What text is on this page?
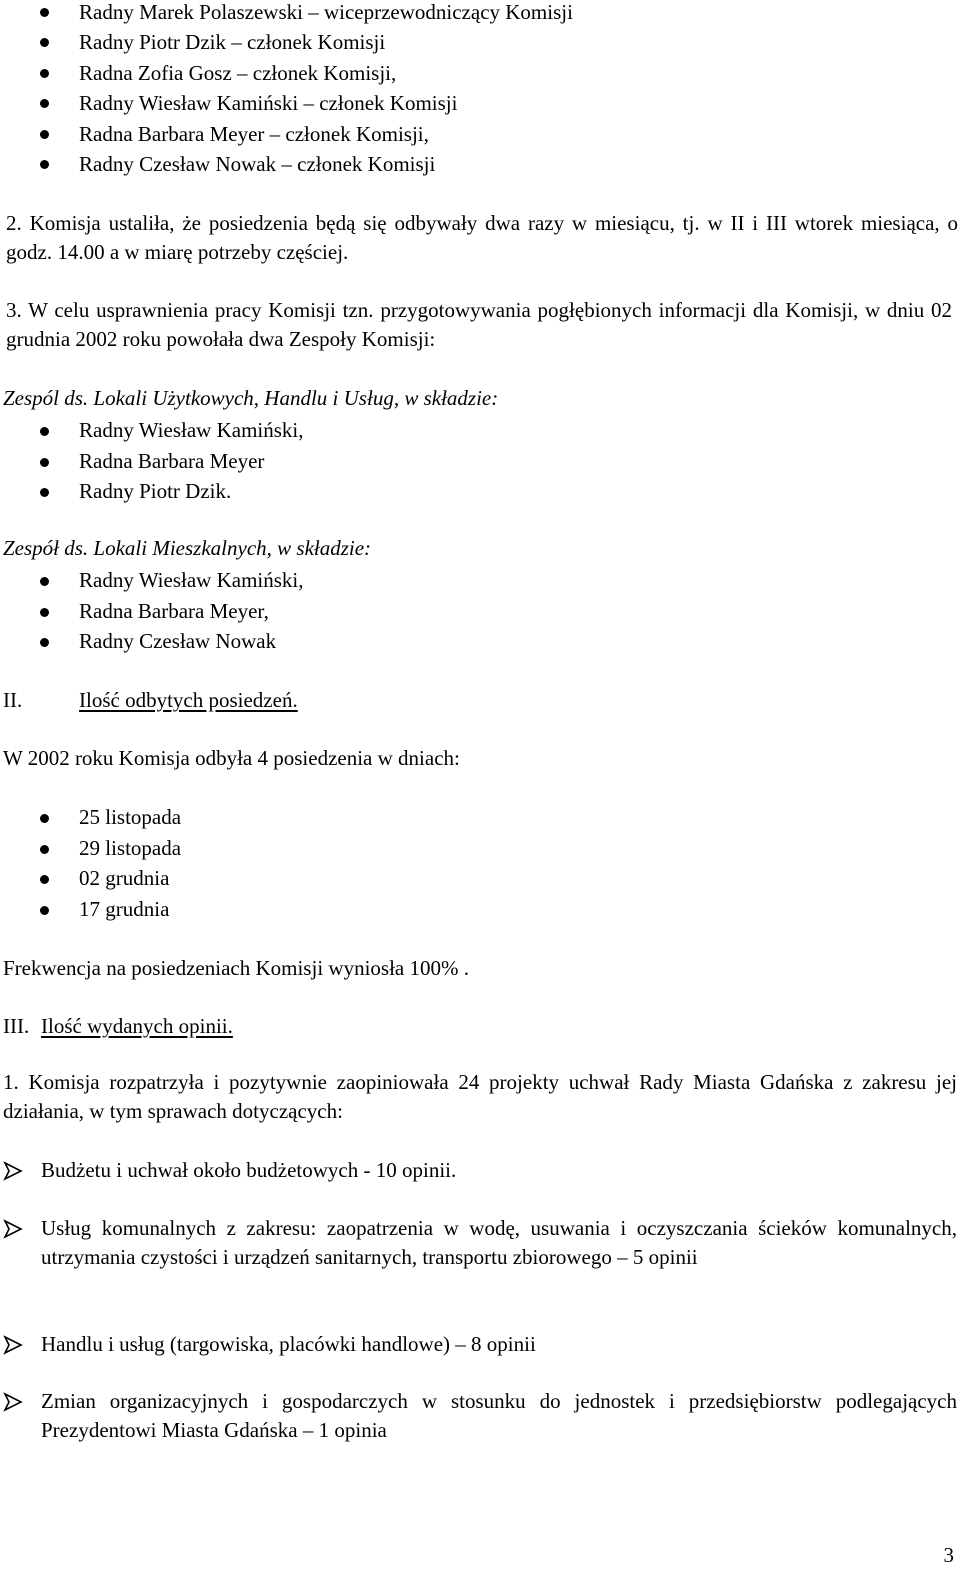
Radny Marek Polaszewski – wiceprzewodniczący Komisji
Radny Piotr Dzik – członek Komisji
Radna Zofia Gosz – członek Komisji,
Radny Wiesław Kamiński – członek Komisji
Radna Barbara Meyer – członek Komisji,
Radny Czesław Nowak – członek Komisji
2. Komisja ustaliła, że posiedzenia będą się odbywały dwa razy w miesiącu, tj. w II i III wtorek miesiąca, o godz. 14.00 a w miarę potrzeby częściej.
3. W celu usprawnienia pracy Komisji tzn. przygotowywania pogłębionych informacji dla Komisji, w dniu 02 grudnia 2002 roku powołała dwa Zespoły Komisji:
Zespól ds. Lokali Użytkowych, Handlu i Usług, w składzie:
Radny Wiesław Kamiński,
Radna Barbara Meyer
Radny Piotr Dzik.
Zespół ds. Lokali Mieszkalnych, w składzie:
Radny Wiesław Kamiński,
Radna Barbara Meyer,
Radny Czesław Nowak
II.	Ilość odbytych posiedzeń.
W 2002 roku Komisja odbyła 4 posiedzenia w dniach:
25 listopada
29 listopada
02 grudnia
17 grudnia
Frekwencja na posiedzeniach Komisji wyniosła 100% .
III. Ilość wydanych opinii.
1. Komisja rozpatrzyła i pozytywnie zaopiniowała 24 projekty uchwał Rady Miasta Gdańska z zakresu jej działania, w tym sprawach dotyczących:
Budżetu i uchwał około budżetowych - 10 opinii.
Usług komunalnych z zakresu: zaopatrzenia w wodę, usuwania i oczyszczania ścieków komunalnych, utrzymania czystości i urządzeń sanitarnych, transportu zbiorowego – 5 opinii
Handlu i usług (targowiska, placówki handlowe) – 8 opinii
Zmian organizacyjnych i gospodarczych w stosunku do jednostek i przedsiębiorstw podlegających Prezydentowi Miasta Gdańska – 1 opinia
3
